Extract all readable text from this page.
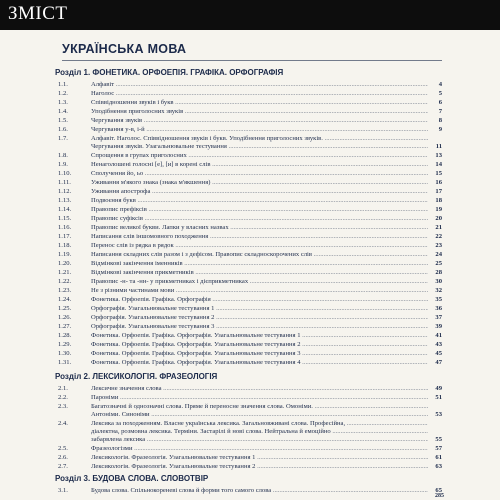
ЗМІСТ
УКРАЇНСЬКА МОВА
Розділ 1. ФОНЕТИКА. ОРФОЕПІЯ. ГРАФІКА. ОРФОГРАФІЯ
1.1.	Алфавіт .....	4
1.2.	Наголос .....	5
1.3.	Співвідношення звуків і букв .....	6
1.4.	Уподібнення приголосних звуків .....	7
1.5.	Чергування звуків .....	8
1.6.	Чергування у-в, і-й .....	9
1.7.	Алфавіт. Наголос. Співвідношення звуків і букв. Уподібнення приголосних звуків. .....
Чергування звуків. Узагальнювальне тестування .....	11
1.8.	Спрощення в групах приголосних .....	13
1.9.	Ненаголошені голосні [е], [и] в корені слів .....	14
1.10.	Сполучення йо, ьо .....	15
1.11.	Уживання м'якого знака (знака м'якшення) .....	16
1.12.	Уживання апострофа .....	17
1.13.	Подвоєння букв .....	18
1.14.	Правопис префіксів .....	19
1.15.	Правопис суфіксів .....	20
1.16.	Правопис великої букви. Лапки у власних назвах .....	21
1.17.	Написання слів іншомовного походження .....	22
1.18.	Перенос слів із рядка в рядок .....	23
1.19.	Написання складних слів разом і з дефісом. Правопис складноскорочених слів .....	24
1.20.	Відмінкові закінчення іменників .....	25
1.21.	Відмінкові закінчення прикметників .....	28
1.22.	Правопис -н- та -нн- у прикметниках і дієприкметниках .....	30
1.23.	Не з різними частинами мови .....	32
1.24.	Фонетика. Орфоепія. Графіка. Орфографія .....	35
1.25.	Орфографія. Узагальнювальне тестування 1 .....	36
1.26.	Орфографія. Узагальнювальне тестування 2 .....	37
1.27.	Орфографія. Узагальнювальне тестування 3 .....	39
1.28.	Фонетика. Орфоепія. Графіка. Орфографія. Узагальнювальне тестування 1 .....	41
1.29.	Фонетика. Орфоепія. Графіка. Орфографія. Узагальнювальне тестування 2 .....	43
1.30.	Фонетика. Орфоепія. Графіка. Орфографія. Узагальнювальне тестування 3 .....	45
1.31.	Фонетика. Орфоепія. Графіка. Орфографія. Узагальнювальне тестування 4 .....	47
Розділ 2. ЛЕКСИКОЛОГІЯ. ФРАЗЕОЛОГІЯ
2.1.	Лексичне значення слова .....	49
2.2.	Пароніми .....	51
2.3.	Багатозначні й однозначні слова. Пряме й переносне значення слова. Омоніми. .....
Антоніми. Синоніми .....	53
2.4.	Лексика за походженням. Власне українська лексика. Загальновживані слова. Професійна, .....
діалектна, розмовна лексика. Терміни. Застарілі й нові слова. Нейтральна й емоційно .....
забарвлена лексика .....	55
2.5.	Фразеологізми .....	57
2.6.	Лексикологія. Фразеологія. Узагальнювальне тестування 1 .....	61
2.7.	Лексикологія. Фразеологія. Узагальнювальне тестування 2 .....	63
Розділ 3. БУДОВА СЛОВА. СЛОВОТВІР
3.1.	Будова слова. Спільнокореневі слова й форми того самого слова .....	65
285
